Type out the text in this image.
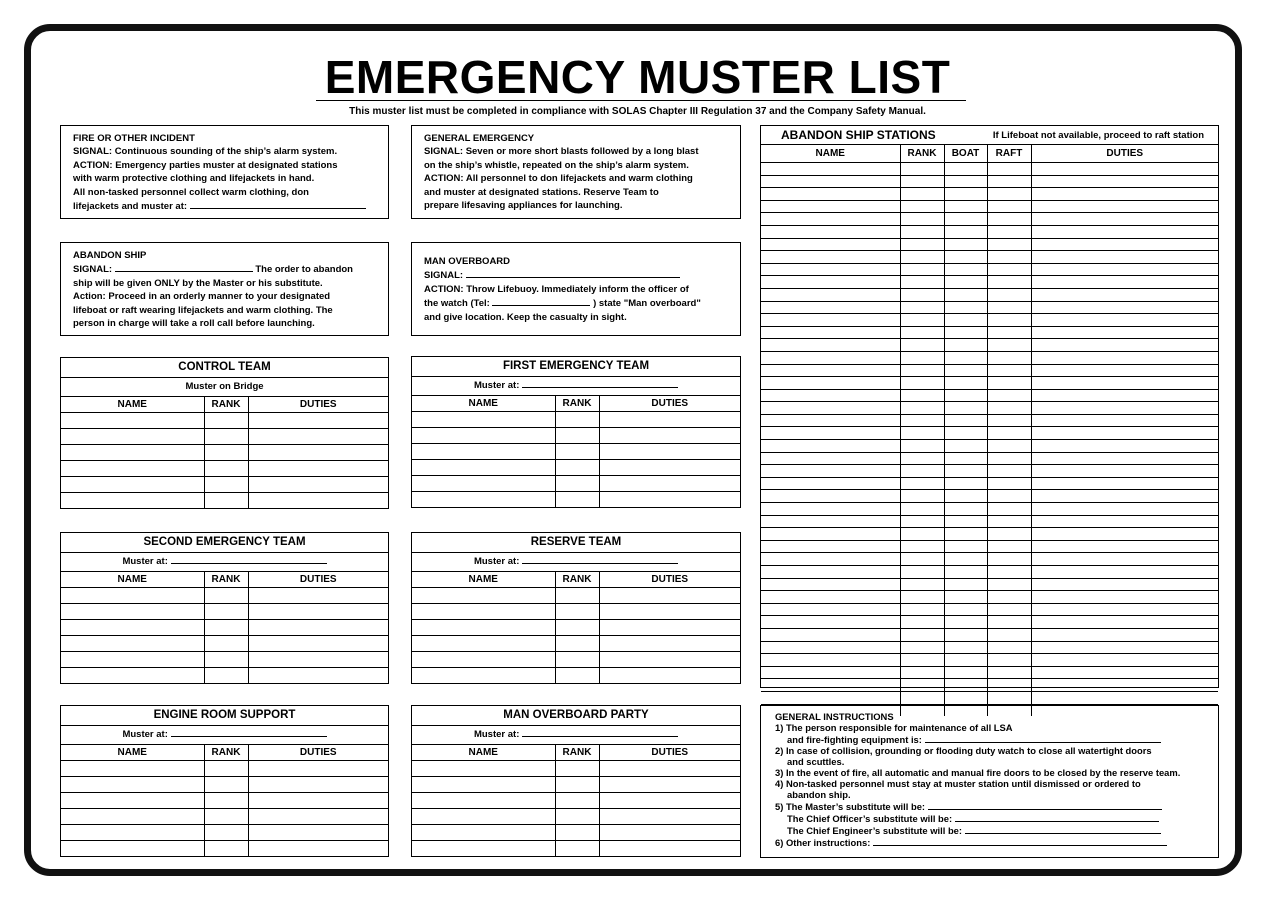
EMERGENCY MUSTER LIST
This muster list must be completed in compliance with SOLAS Chapter III Regulation 37 and the Company Safety Manual.
FIRE OR OTHER INCIDENT
SIGNAL: Continuous sounding of the ship’s alarm system.
ACTION: Emergency parties muster at designated stations
with warm protective clothing and lifejackets in hand.
All non-tasked personnel collect warm clothing, don
lifejackets and muster at:
GENERAL EMERGENCY
SIGNAL: Seven or more short blasts followed by a long blast
on the ship’s whistle, repeated on the ship’s alarm system.
ACTION: All personnel to don lifejackets and warm clothing
and muster at designated stations. Reserve Team to
prepare lifesaving appliances for launching.
ABANDON SHIP
SIGNAL:	The order to abandon
ship will be given ONLY by the Master or his substitute.
Action: Proceed in an orderly manner to your designated
lifeboat or raft wearing lifejackets and warm clothing. The
person in charge will take a roll call before launching.
MAN OVERBOARD
SIGNAL:
ACTION: Throw Lifebuoy. Immediately inform the officer of
the watch (Tel:	) state "Man overboard"
and give location. Keep the casualty in sight.
CONTROL TEAM
Muster on Bridge
NAME	RANK	DUTIES

FIRST EMERGENCY TEAM
Muster at:
NAME	RANK	DUTIES

SECOND EMERGENCY TEAM
Muster at:
NAME	RANK	DUTIES

RESERVE TEAM
Muster at:
NAME	RANK	DUTIES

ENGINE ROOM SUPPORT
Muster at:
NAME	RANK	DUTIES

MAN OVERBOARD PARTY
Muster at:
NAME	RANK	DUTIES

ABANDON SHIP STATIONS	If Lifeboat not available, proceed to raft station
NAME	RANK	BOAT	RAFT	DUTIES

GENERAL INSTRUCTIONS
1) The person responsible for maintenance of all LSA
and fire-fighting equipment is:
2) In case of collision, grounding or flooding duty watch to close all watertight doors
and scuttles.
3) In the event of fire, all automatic and manual fire doors to be closed by the reserve team.
4) Non-tasked personnel must stay at muster station until dismissed or ordered to
abandon ship.
5) The Master’s substitute will be:
The Chief Officer’s substitute will be:
The Chief Engineer’s substitute will be:
6) Other instructions:
